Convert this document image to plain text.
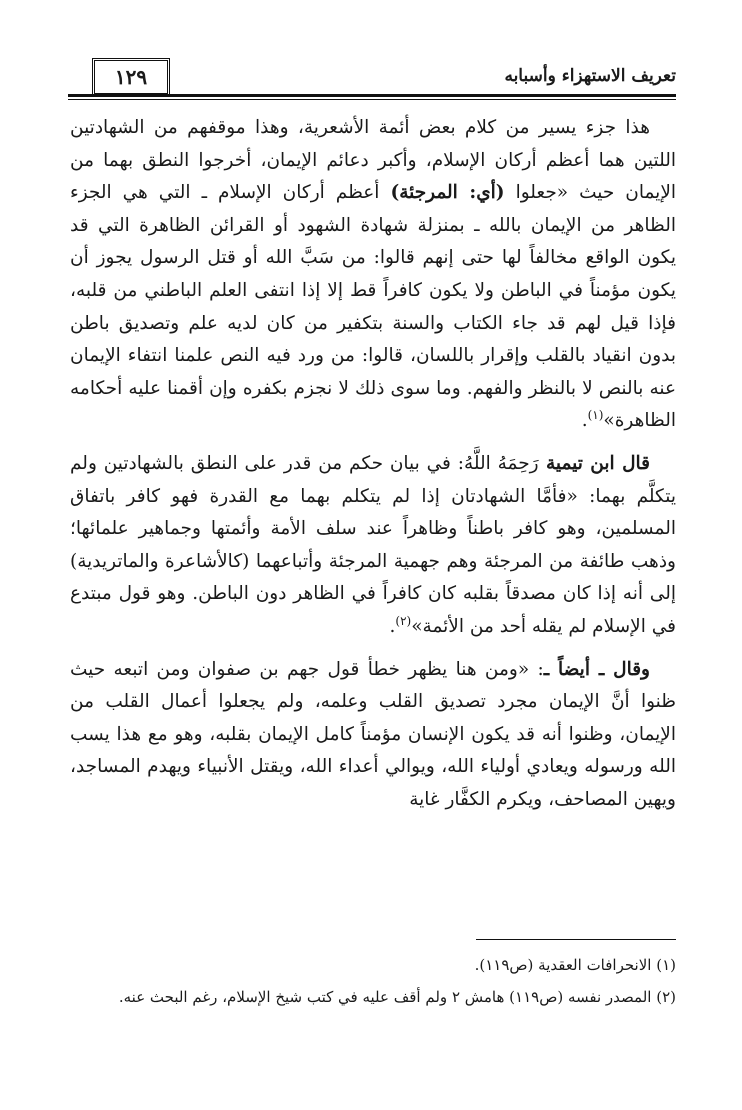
تعريف الاستهزاء وأسبابه
١٢٩

هذا جزء يسير من كلام بعض أئمة الأشعرية، وهذا موقفهم من الشهادتين اللتين هما أعظم أركان الإسلام، وأكبر دعائم الإيمان، أخرجوا النطق بهما من الإيمان حيث «جعلوا (أي: المرجئة) أعظم أركان الإسلام ـ التي هي الجزء الظاهر من الإيمان بالله ـ بمنزلة شهادة الشهود أو القرائن الظاهرة التي قد يكون الواقع مخالفاً لها حتى إنهم قالوا: من سَبَّ الله أو قتل الرسول يجوز أن يكون مؤمناً في الباطن ولا يكون كافراً قط إلا إذا انتفى العلم الباطني من قلبه، فإذا قيل لهم قد جاء الكتاب والسنة بتكفير من كان لديه علم وتصديق باطن بدون انقياد بالقلب وإقرار باللسان، قالوا: من ورد فيه النص علمنا انتفاء الإيمان عنه بالنص لا بالنظر والفهم. وما سوى ذلك لا نجزم بكفره وإن أقمنا عليه أحكامه الظاهرة»$^{(١)}$.

قال ابن تيمية رَحِمَهُ اللَّهُ: في بيان حكم من قدر على النطق بالشهادتين ولم يتكلَّم بهما: «فأمَّا الشهادتان إذا لم يتكلم بهما مع القدرة فهو كافر باتفاق المسلمين، وهو كافر باطناً وظاهراً عند سلف الأمة وأئمتها وجماهير علمائها؛ وذهب طائفة من المرجئة وهم جهمية المرجئة وأتباعهما (كالأشاعرة والماتريدية) إلى أنه إذا كان مصدقاً بقلبه كان كافراً في الظاهر دون الباطن. وهو قول مبتدع في الإسلام لم يقله أحد من الأئمة»$^{(٢)}$.

وقال ـ أيضاً ـ: «ومن هنا يظهر خطأ قول جهم بن صفوان ومن اتبعه حيث ظنوا أنَّ الإيمان مجرد تصديق القلب وعلمه، ولم يجعلوا أعمال القلب من الإيمان، وظنوا أنه قد يكون الإنسان مؤمناً كامل الإيمان بقلبه، وهو مع هذا يسب الله ورسوله ويعادي أولياء الله، ويوالي أعداء الله، ويقتل الأنبياء ويهدم المساجد، ويهين المصاحف، ويكرم الكفَّار غاية

(١) الانحرافات العقدية (ص١١٩).

(٢) المصدر نفسه (ص١١٩) هامش ٢ ولم أقف عليه في كتب شيخ الإسلام، رغم البحث عنه.
